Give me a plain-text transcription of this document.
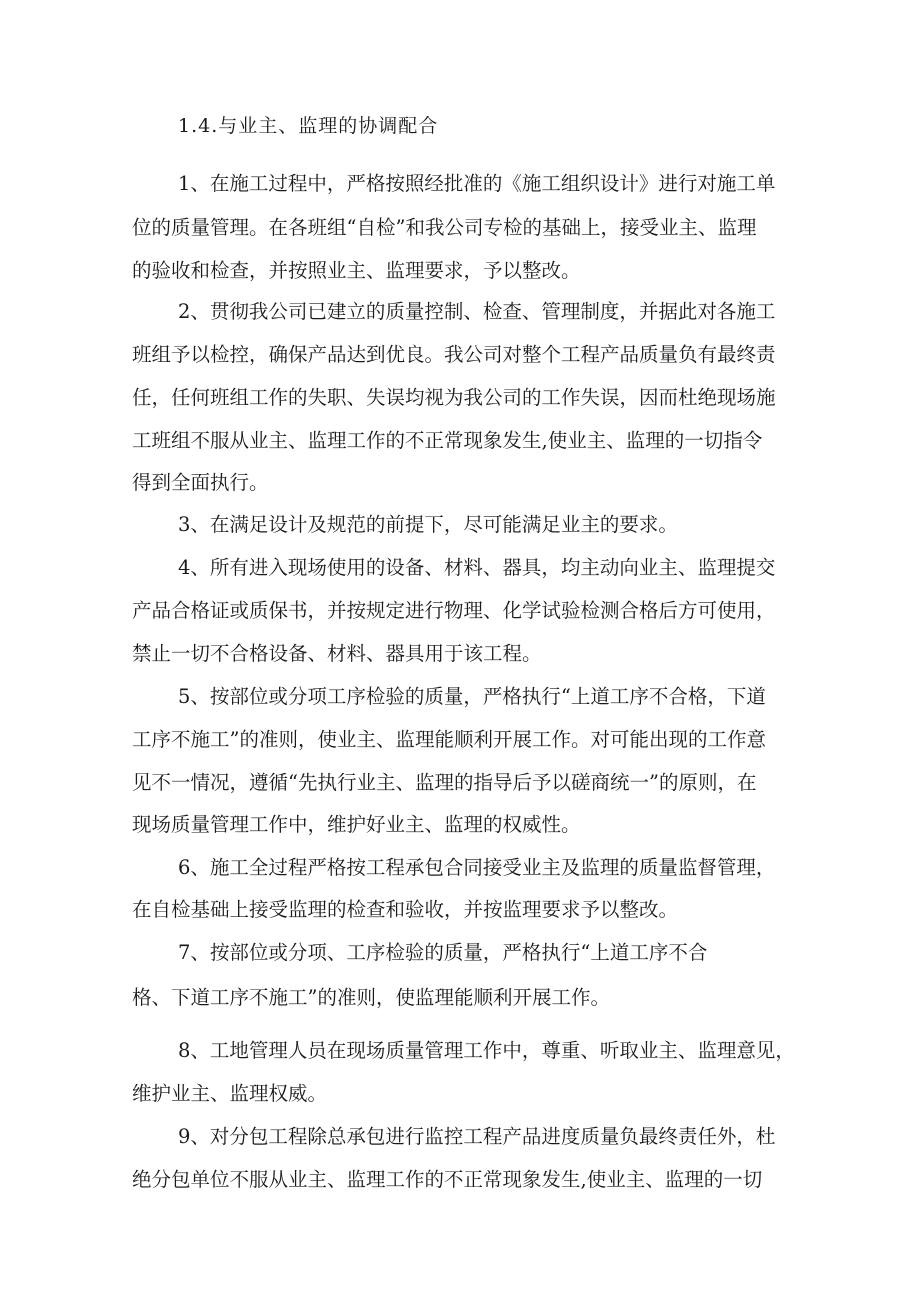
1.4.与业主、监理的协调配合
1、在施工过程中，严格按照经批准的《施工组织设计》进行对施工单
位的质量管理。在各班组“自检”和我公司专检的基础上，接受业主、监理
的验收和检查，并按照业主、监理要求，予以整改。
2、贯彻我公司已建立的质量控制、检查、管理制度，并据此对各施工
班组予以检控，确保产品达到优良。我公司对整个工程产品质量负有最终责
任，任何班组工作的失职、失误均视为我公司的工作失误，因而杜绝现场施
工班组不服从业主、监理工作的不正常现象发生,使业主、监理的一切指令
得到全面执行。
3、在满足设计及规范的前提下，尽可能满足业主的要求。
4、所有进入现场使用的设备、材料、器具，均主动向业主、监理提交
产品合格证或质保书，并按规定进行物理、化学试验检测合格后方可使用，
禁止一切不合格设备、材料、器具用于该工程。
5、按部位或分项工序检验的质量，严格执行“上道工序不合格，下道
工序不施工”的准则，使业主、监理能顺利开展工作。对可能出现的工作意
见不一情况，遵循“先执行业主、监理的指导后予以磋商统一”的原则，在
现场质量管理工作中，维护好业主、监理的权威性。
6、施工全过程严格按工程承包合同接受业主及监理的质量监督管理，
在自检基础上接受监理的检查和验收，并按监理要求予以整改。
7、按部位或分项、工序检验的质量，严格执行“上道工序不合
格、下道工序不施工”的准则，使监理能顺利开展工作。
8、工地管理人员在现场质量管理工作中，尊重、听取业主、监理意见，
维护业主、监理权威。
9、对分包工程除总承包进行监控工程产品进度质量负最终责任外，杜
绝分包单位不服从业主、监理工作的不正常现象发生,使业主、监理的一切
